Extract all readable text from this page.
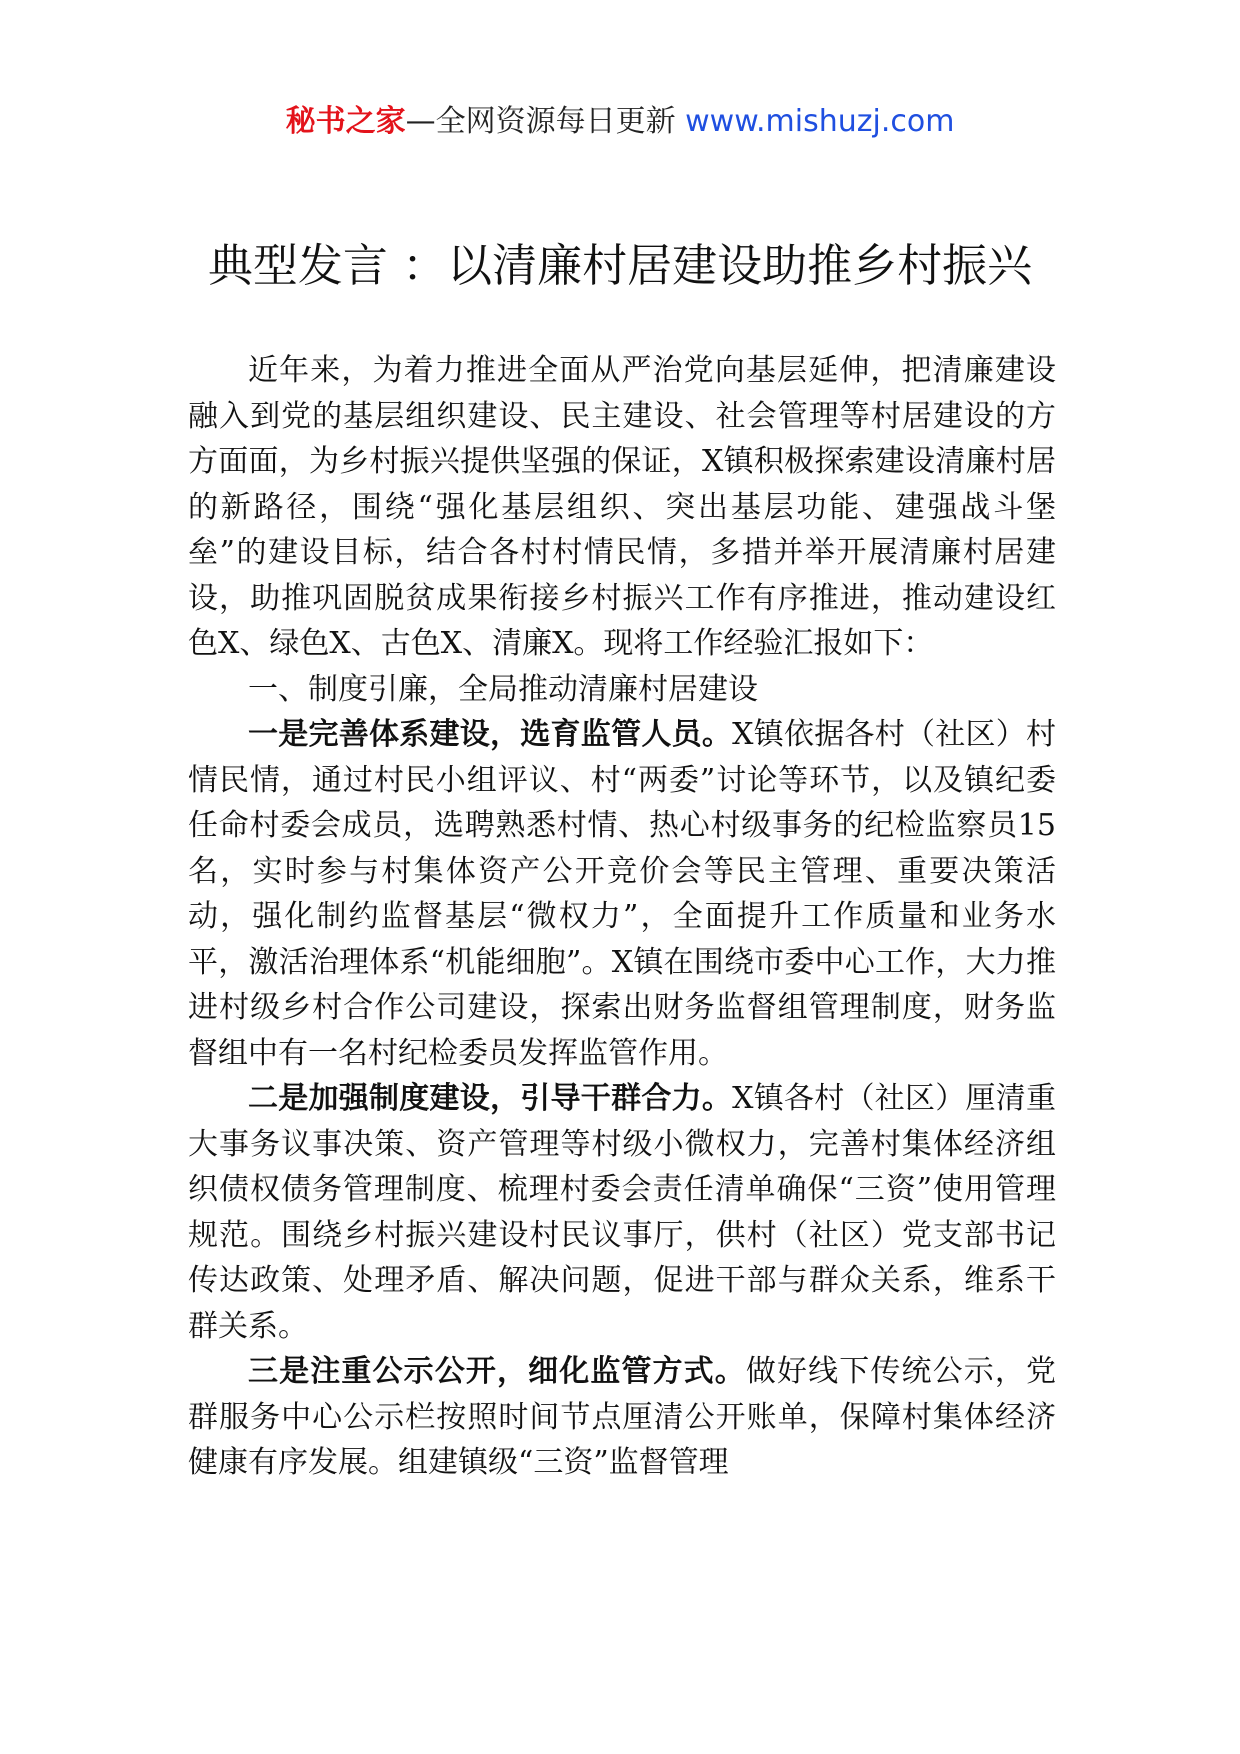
秘书之家—全网资源每日更新 www.mishuzj.com
典型发言 ：以清廉村居建设助推乡村振兴

近年来，为着力推进全面从严治党向基层延伸，把清廉建设融入到党的基层组织建设、民主建设、社会管理等村居建设的方方面面，为乡村振兴提供坚强的保证，X镇积极探索建设清廉村居的新路径，围绕“强化基层组织、突出基层功能、建强战斗堡垒”的建设目标，结合各村村情民情，多措并举开展清廉村居建设，助推巩固脱贫成果衔接乡村振兴工作有序推进，推动建设红色X、绿色X、古色X、清廉X。现将工作经验汇报如下：

一、制度引廉，全局推动清廉村居建设

一是完善体系建设，选育监管人员。X镇依据各村（社区）村情民情，通过村民小组评议、村“两委”讨论等环节，以及镇纪委任命村委会成员，选聘熟悉村情、热心村级事务的纪检监察员15名，实时参与村集体资产公开竞价会等民主管理、重要决策活动，强化制约监督基层“微权力”，全面提升工作质量和业务水平，激活治理体系“机能细胞”。X镇在围绕市委中心工作，大力推进村级乡村合作公司建设，探索出财务监督组管理制度，财务监督组中有一名村纪检委员发挥监管作用。

二是加强制度建设，引导干群合力。X镇各村（社区）厘清重大事务议事决策、资产管理等村级小微权力，完善村集体经济组织债权债务管理制度、梳理村委会责任清单确保“三资”使用管理规范。围绕乡村振兴建设村民议事厅，供村（社区）党支部书记传达政策、处理矛盾、解决问题，促进干部与群众关系，维系干群关系。

三是注重公示公开，细化监管方式。做好线下传统公示，党群服务中心公示栏按照时间节点厘清公开账单，保障村集体经济健康有序发展。组建镇级“三资”监督管理
